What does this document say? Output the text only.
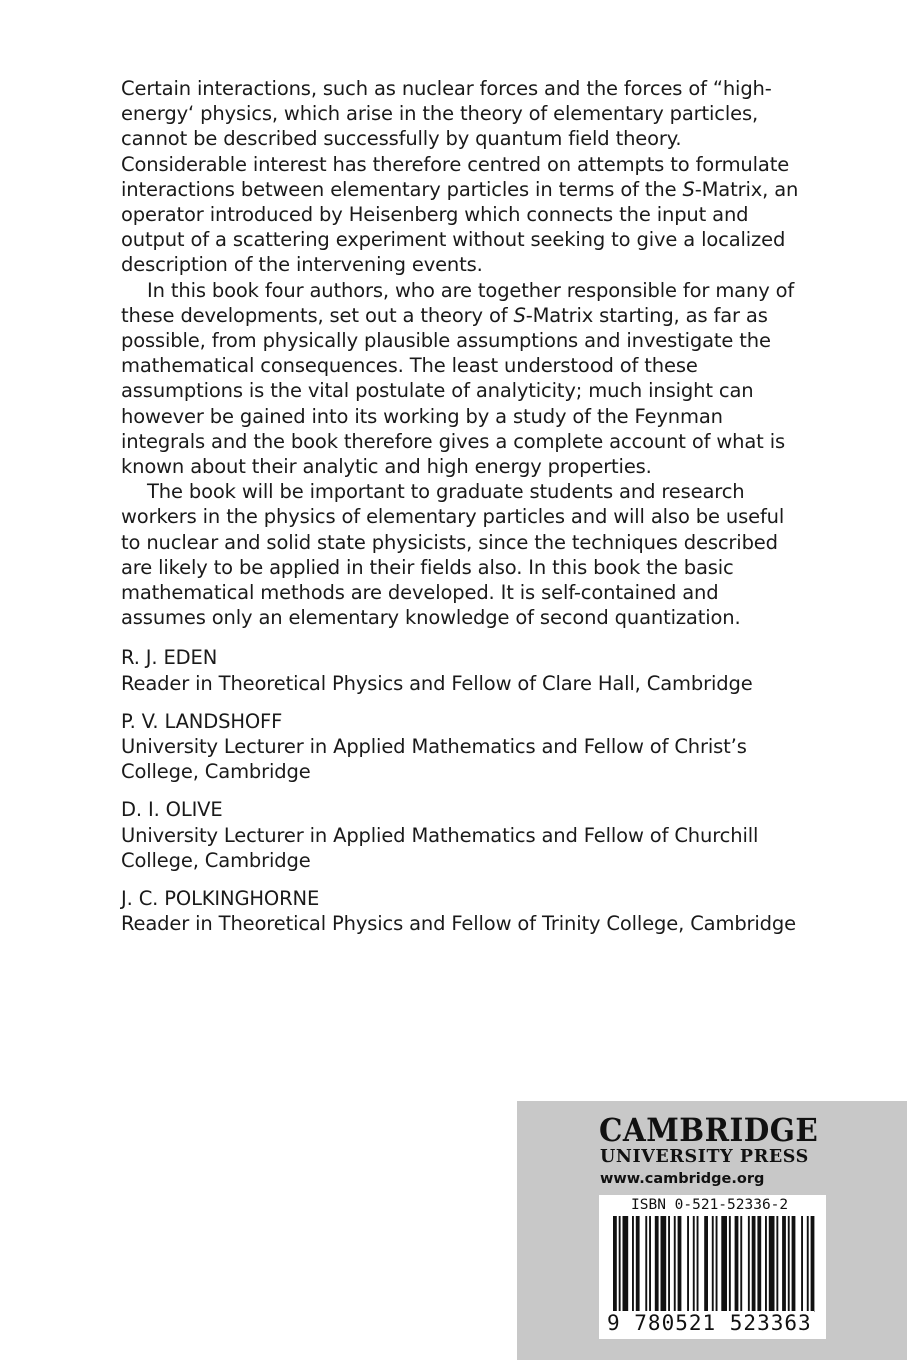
Certain interactions, such as nuclear forces and the forces of “high-energy‘ physics, which arise in the theory of elementary particles, cannot be described successfully by quantum field theory. Considerable interest has therefore centred on attempts to formulate interactions between elementary particles in terms of the S-Matrix, an operator introduced by Heisenberg which connects the input and output of a scattering experiment without seeking to give a localized description of the intervening events.

In this book four authors, who are together responsible for many of these developments, set out a theory of S-Matrix starting, as far as possible, from physically plausible assumptions and investigate the mathematical consequences. The least understood of these assumptions is the vital postulate of analyticity; much insight can however be gained into its working by a study of the Feynman integrals and the book therefore gives a complete account of what is known about their analytic and high energy properties.

The book will be important to graduate students and research workers in the physics of elementary particles and will also be useful to nuclear and solid state physicists, since the techniques described are likely to be applied in their fields also. In this book the basic mathematical methods are developed. It is self-contained and assumes only an elementary knowledge of second quantization.

R. J. EDEN
Reader in Theoretical Physics and Fellow of Clare Hall, Cambridge
P. V. LANDSHOFF
University Lecturer in Applied Mathematics and Fellow of Christ’s College, Cambridge
D. I. OLIVE
University Lecturer in Applied Mathematics and Fellow of Churchill College, Cambridge
J. C. POLKINGHORNE
Reader in Theoretical Physics and Fellow of Trinity College, Cambridge
CAMBRIDGE
UNIVERSITY PRESS
www.cambridge.org
ISBN 0-521-52336-2
9 780521 523363
